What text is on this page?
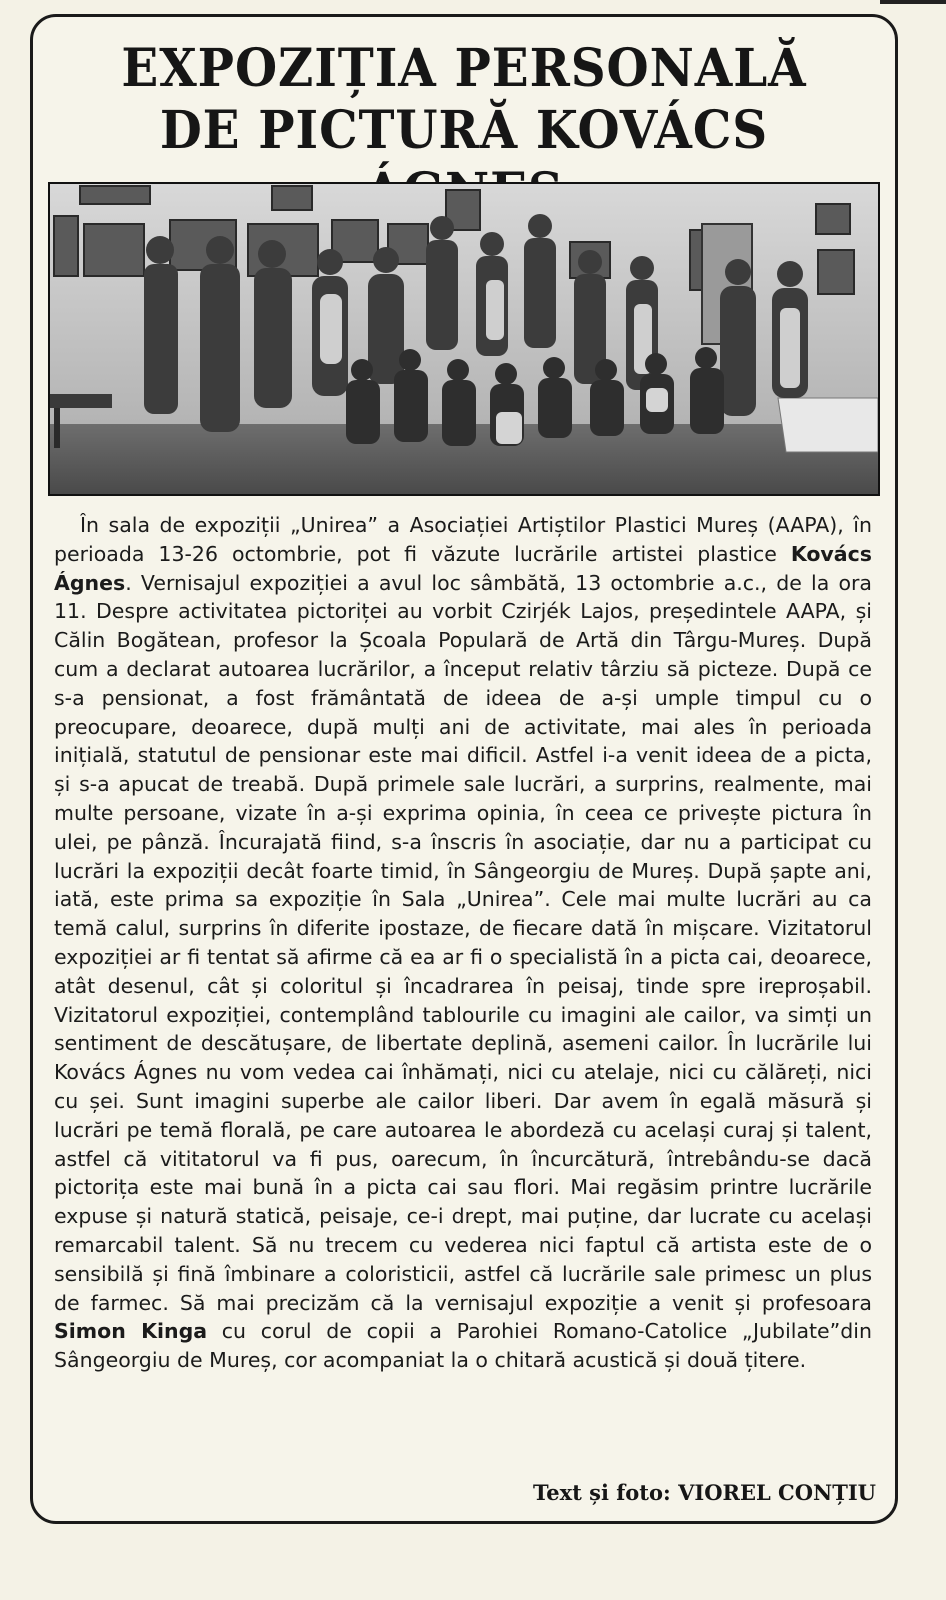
EXPOZIȚIA PERSONALĂ
DE PICTURĂ KOVÁCS

În sala de expoziții „Unirea” a Asociației Artiștilor Plastici Mureș (AAPA), în perioada 13-26 octombrie, pot fi văzute lucrările artistei plastice Kovács Ágnes. Vernisajul expoziției a avul loc sâmbătă, 13 octombrie a.c., de la ora 11. Despre activitatea pictoriței au vorbit Czirjék Lajos, președintele AAPA, și Călin Bogătean, profesor la Școala Populară de Artă din Târgu-Mureș. După cum a declarat autoarea lucrărilor, a început relativ târziu să picteze. După ce s-a pensionat, a fost frământată de ideea de a-și umple timpul cu o preocupare, deoarece, după mulți ani de activitate, mai ales în perioada inițială, statutul de pensionar este mai dificil. Astfel i-a venit ideea de a picta, și s-a apucat de treabă. După primele sale lucrări, a surprins, realmente, mai multe persoane, vizate în a-și exprima opinia, în ceea ce privește pictura în ulei, pe pânză. Încurajată fiind, s-a înscris în asociație, dar nu a participat cu lucrări la expoziții decât foarte timid, în Sângeorgiu de Mureș. După șapte ani, iată, este prima sa expoziție în Sala „Unirea”. Cele mai multe lucrări au ca temă calul, surprins în diferite ipostaze, de fiecare dată în mișcare. Vizitatorul expoziției ar fi tentat să afirme că ea ar fi o specialistă în a picta cai, deoarece, atât desenul, cât și coloritul și încadrarea în peisaj, tinde spre ireproșabil. Vizitatorul expoziției, contemplând tablourile cu imagini ale cailor, va simți un sentiment de descătușare, de libertate deplină, asemeni cailor. În lucrările lui Kovács Ágnes nu vom vedea cai înhămați, nici cu atelaje, nici cu călăreți, nici cu șei. Sunt imagini superbe ale cailor liberi. Dar avem în egală măsură și lucrări pe temă florală, pe care autoarea le abordeză cu același curaj și talent, astfel că vititatorul va fi pus, oarecum, în încurcătură, întrebându-se dacă pictorița este mai bună în a picta cai sau flori. Mai regăsim printre lucrările expuse și natură statică, peisaje, ce-i drept, mai puține, dar lucrate cu același remarcabil talent. Să nu trecem cu vederea nici faptul că artista este de o sensibilă și fină îmbinare a coloristicii, astfel că lucrările sale primesc un plus de farmec. Să mai precizăm că la vernisajul expoziție a venit și profesoara Simon Kinga cu corul de copii a Parohiei Romano-Catolice „Jubilate”din Sângeorgiu de Mureș, cor acompaniat la o chitară acustică și două țitere.

Text și foto: VIOREL CONȚIU
